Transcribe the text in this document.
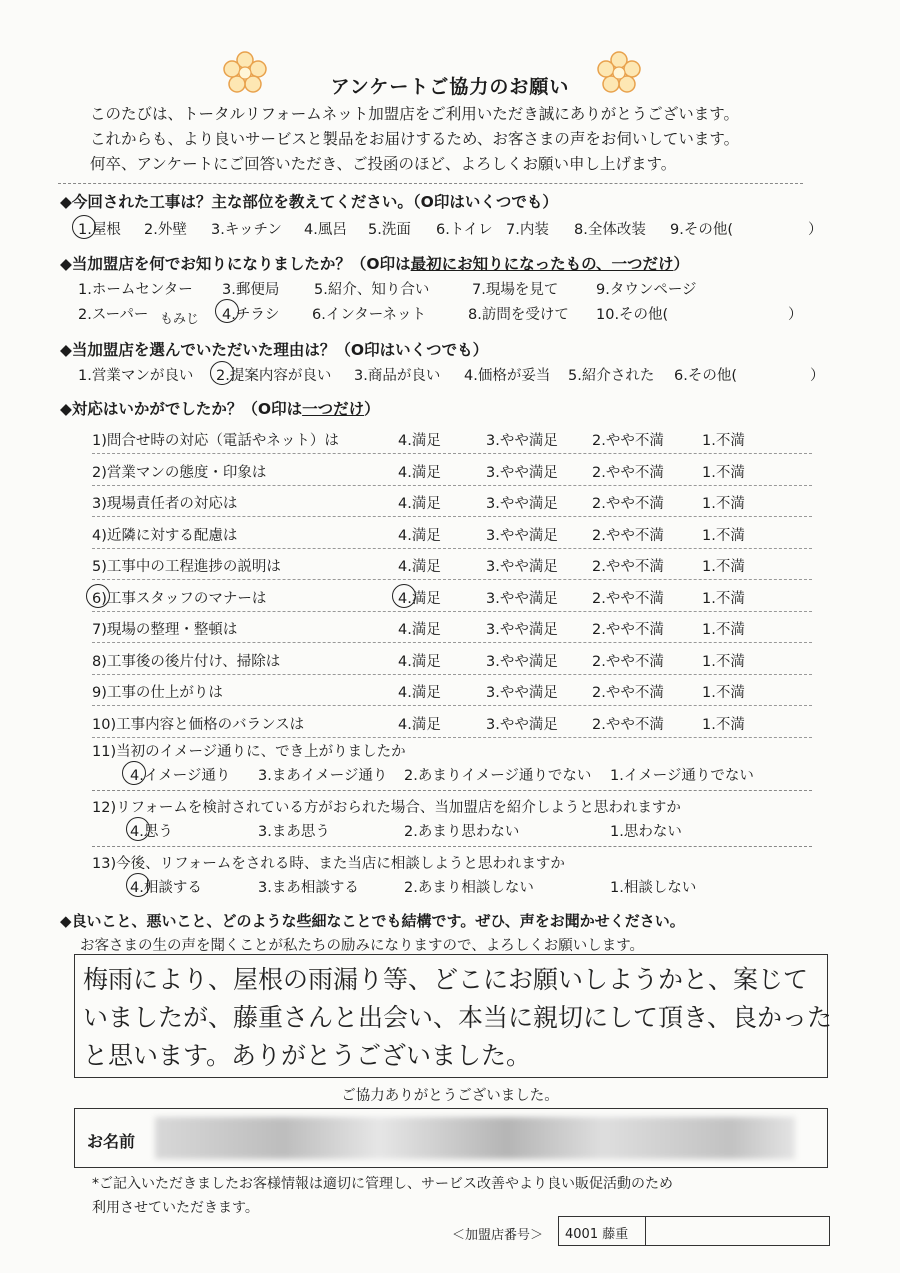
アンケートご協力のお願い
このたびは、トータルリフォームネット加盟店をご利用いただき誠にありがとうございます。
これからも、より良いサービスと製品をお届けするため、お客さまの声をお伺いしています。
何卒、アンケートにご回答いただき、ご投函のほど、よろしくお願い申し上げます。
◆今回された工事は？主な部位を教えてください。（O印はいくつでも）
1.屋根 2.外壁 3.キッチン 4.風呂 5.洗面 6.トイレ 7.内装 8.全体改装 9.その他(	）
◆当加盟店を何でお知りになりましたか？（O印は最初にお知りになったもの、一つだけ）
1.ホームセンター 3.郵便局 5.紹介、知り合い	7.現場を見て	9.タウンページ
2.スーパー	4.チラシ 6.インターネット	8.訪問を受けて 10.その他(	）
もみじ
◆当加盟店を選んでいただいた理由は？（O印はいくつでも）
1.営業マンが良い 2.提案内容が良い 3.商品が良い 4.価格が妥当 5.紹介された 6.その他(	）
◆対応はいかがでしたか？（O印は一つだけ）
1)問合せ時の対応（電話やネット）は	4.満足	3.やや満足 2.やや不満	1.不満
2)営業マンの態度・印象は	4.満足	3.やや満足 2.やや不満	1.不満
3)現場責任者の対応は	4.満足	3.やや満足 2.やや不満	1.不満
4)近隣に対する配慮は	4.満足	3.やや満足 2.やや不満	1.不満
5)工事中の工程進捗の説明は	4.満足	3.やや満足 2.やや不満	1.不満
6)工事スタッフのマナーは	4.満足	3.やや満足 2.やや不満	1.不満
7)現場の整理・整頓は	4.満足	3.やや満足 2.やや不満	1.不満
8)工事後の後片付け、掃除は	4.満足	3.やや満足 2.やや不満	1.不満
9)工事の仕上がりは	4.満足	3.やや満足 2.やや不満	1.不満
10)工事内容と価格のバランスは	4.満足	3.やや満足 2.やや不満	1.不満
11)当初のイメージ通りに、でき上がりましたか
4.イメージ通り 3.まあイメージ通り 2.あまりイメージ通りでない 1.イメージ通りでない
12)リフォームを検討されている方がおられた場合、当加盟店を紹介しようと思われますか
4.思う	3.まあ思う	2.あまり思わない	1.思わない
13)今後、リフォームをされる時、また当店に相談しようと思われますか
4.相談する	3.まあ相談する	2.あまり相談しない	1.相談しない
◆良いこと、悪いこと、どのような些細なことでも結構です。ぜひ、声をお聞かせください。
お客さまの生の声を聞くことが私たちの励みになりますので、よろしくお願いします。
梅雨により、屋根の雨漏り等、どこにお願いしようかと、案じて
いましたが、藤重さんと出会い、本当に親切にして頂き、良かった
と思います。ありがとうございました。
ご協力ありがとうございました。
お名前
*ご記入いただきましたお客様情報は適切に管理し、サービス改善やより良い販促活動のため
利用させていただきます。
＜加盟店番号＞ 4001 藤重
